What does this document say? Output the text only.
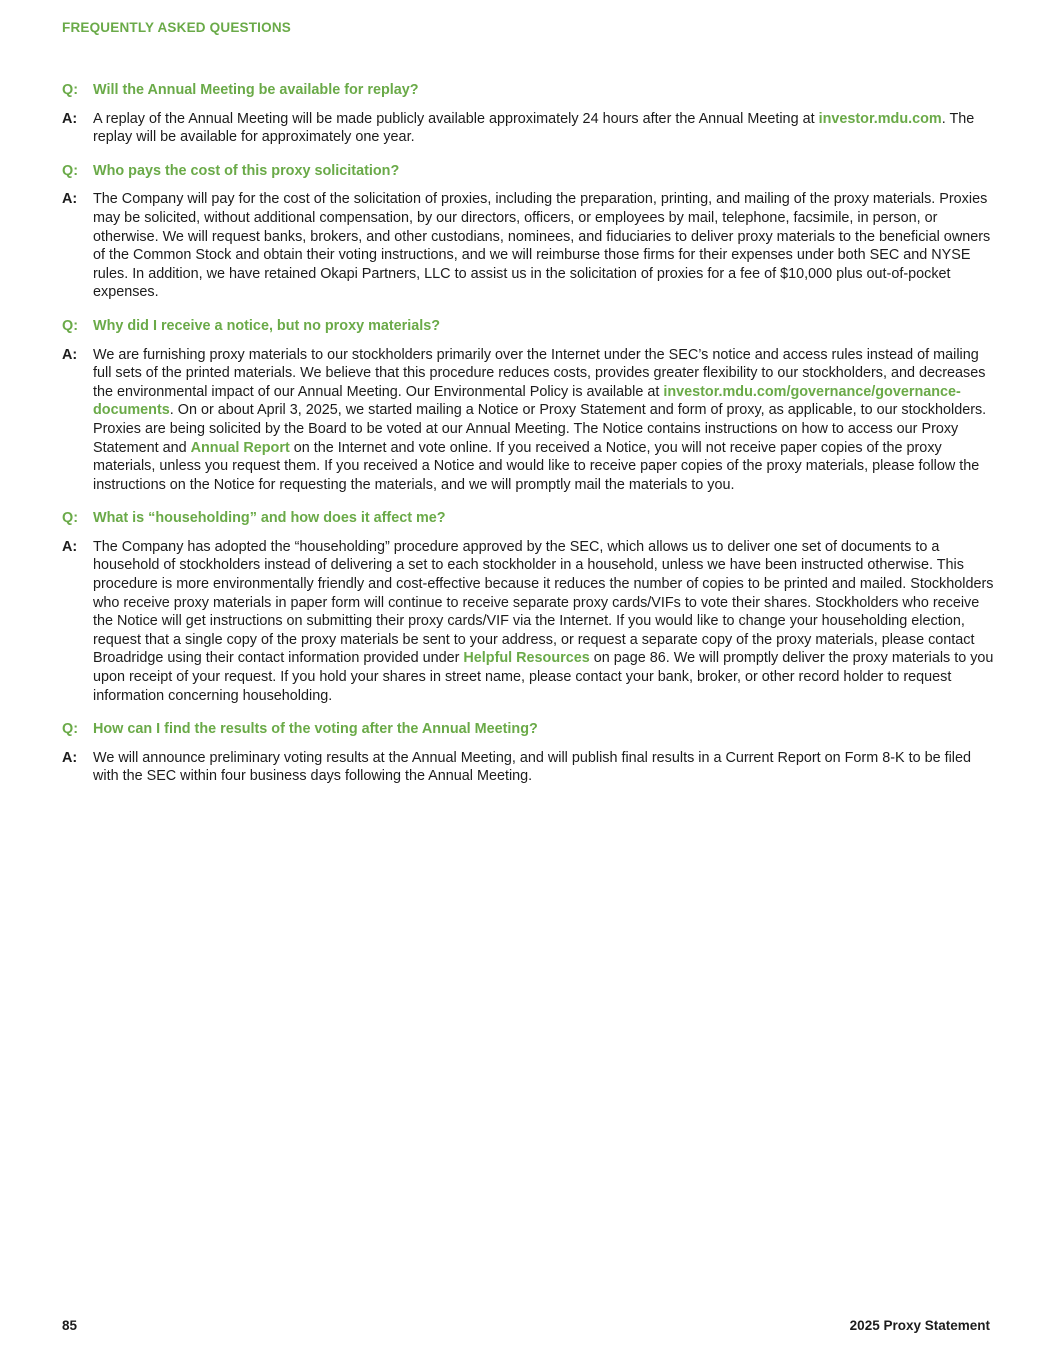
FREQUENTLY ASKED QUESTIONS
Q:	Will the Annual Meeting be available for replay?
A:	A replay of the Annual Meeting will be made publicly available approximately 24 hours after the Annual Meeting at investor.mdu.com. The replay will be available for approximately one year.
Q:	Who pays the cost of this proxy solicitation?
A:	The Company will pay for the cost of the solicitation of proxies, including the preparation, printing, and mailing of the proxy materials. Proxies may be solicited, without additional compensation, by our directors, officers, or employees by mail, telephone, facsimile, in person, or otherwise. We will request banks, brokers, and other custodians, nominees, and fiduciaries to deliver proxy materials to the beneficial owners of the Common Stock and obtain their voting instructions, and we will reimburse those firms for their expenses under both SEC and NYSE rules. In addition, we have retained Okapi Partners, LLC to assist us in the solicitation of proxies for a fee of $10,000 plus out-of-pocket expenses.
Q:	Why did I receive a notice, but no proxy materials?
A:	We are furnishing proxy materials to our stockholders primarily over the Internet under the SEC’s notice and access rules instead of mailing full sets of the printed materials. We believe that this procedure reduces costs, provides greater flexibility to our stockholders, and decreases the environmental impact of our Annual Meeting. Our Environmental Policy is available at investor.mdu.com/governance/governance-documents. On or about April 3, 2025, we started mailing a Notice or Proxy Statement and form of proxy, as applicable, to our stockholders. Proxies are being solicited by the Board to be voted at our Annual Meeting. The Notice contains instructions on how to access our Proxy Statement and Annual Report on the Internet and vote online. If you received a Notice, you will not receive paper copies of the proxy materials, unless you request them. If you received a Notice and would like to receive paper copies of the proxy materials, please follow the instructions on the Notice for requesting the materials, and we will promptly mail the materials to you.
Q:	What is “householding” and how does it affect me?
A:	The Company has adopted the “householding” procedure approved by the SEC, which allows us to deliver one set of documents to a household of stockholders instead of delivering a set to each stockholder in a household, unless we have been instructed otherwise. This procedure is more environmentally friendly and cost-effective because it reduces the number of copies to be printed and mailed. Stockholders who receive proxy materials in paper form will continue to receive separate proxy cards/VIFs to vote their shares. Stockholders who receive the Notice will get instructions on submitting their proxy cards/VIF via the Internet. If you would like to change your householding election, request that a single copy of the proxy materials be sent to your address, or request a separate copy of the proxy materials, please contact Broadridge using their contact information provided under Helpful Resources on page 86. We will promptly deliver the proxy materials to you upon receipt of your request. If you hold your shares in street name, please contact your bank, broker, or other record holder to request information concerning householding.
Q:	How can I find the results of the voting after the Annual Meeting?
A:	We will announce preliminary voting results at the Annual Meeting, and will publish final results in a Current Report on Form 8-K to be filed with the SEC within four business days following the Annual Meeting.
85	2025 Proxy Statement
